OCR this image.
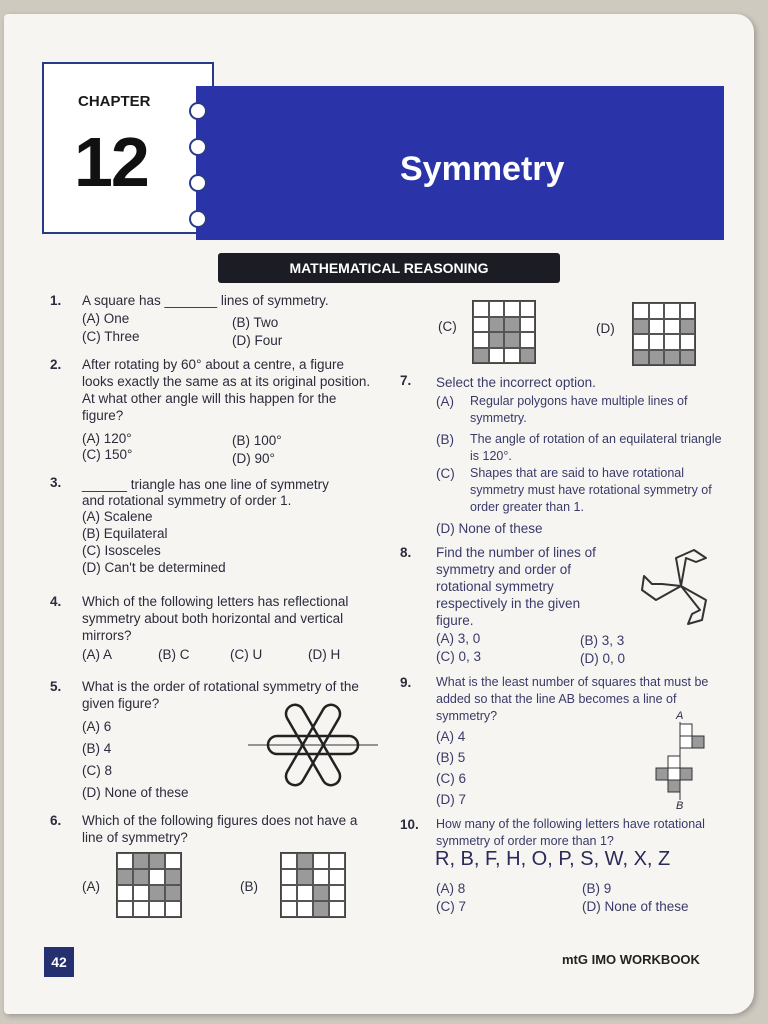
CHAPTER
12	Symmetry
MATHEMATICAL REASONING
1. A square has _______ lines of symmetry.
(A) One	(B) Two
(C) Three	(D) Four
2. After rotating by 60° about a centre, a figure looks exactly the same as at its original position. At what other angle will this happen for the figure?
(A) 120°	(B) 100°
(C) 150°	(D) 90°
3. ______ triangle has one line of symmetry
and rotational symmetry of order 1.
(A) Scalene
(B) Equilateral
(C) Isosceles
(D) Can't be determined
4. Which of the following letters has reflectional symmetry about both horizontal and vertical mirrors?
(A) A	(B) C	(C) U	(D) H
5. What is the order of rotational symmetry of the given figure?
(A) 6
(B) 4
(C) 8
(D) None of these
6. Which of the following figures does not have a line of symmetry?
(A)	(B)
(C)	(D)
7. Select the incorrect option.
(A) Regular polygons have multiple lines of symmetry.
(B) The angle of rotation of an equilateral triangle is 120°.
(C) Shapes that are said to have rotational symmetry must have rotational symmetry of order greater than 1.
(D) None of these
8. Find the number of lines of symmetry and order of rotational symmetry respectively in the given figure.
(A) 3, 0	(B) 3, 3
(C) 0, 3	(D) 0, 0
9. What is the least number of squares that must be added so that the line AB becomes a line of symmetry?
(A) 4
(B) 5
(C) 6
(D) 7
A
B
10. How many of the following letters have rotational symmetry of order more than 1?
R, B, F, H, O, P, S, W, X, Z
(A) 8	(B) 9
(C) 7	(D) None of these
42	mtG IMO WORKBOOK
